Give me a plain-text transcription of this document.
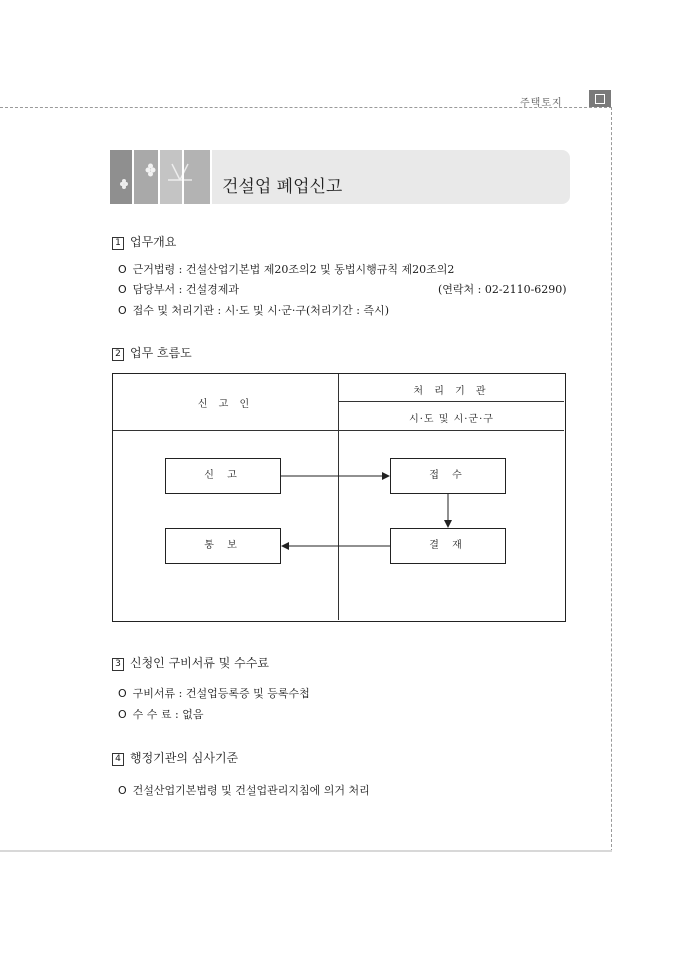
주택토지
건설업 폐업신고
1 업무개요
O 근거법령 : 건설산업기본법 제20조의2 및 동법시행규칙 제20조의2
O 담당부서 : 건설경제과	(연락처 : 02-2110-6290)
O 접수 및 처리기관 : 시·도 및 시·군·구(처리기간 : 즉시)
2 업무 흐름도
신 고 인
처 리 기 관
시·도 및 시·군·구
신 고	접 수
결 재
통 보
3 신청인 구비서류 및 수수료
O 구비서류 : 건설업등록증 및 등록수첩
O 수 수 료 : 없음
4 행정기관의 심사기준
O 건설산업기본법령 및 건설업관리지침에 의거 처리
